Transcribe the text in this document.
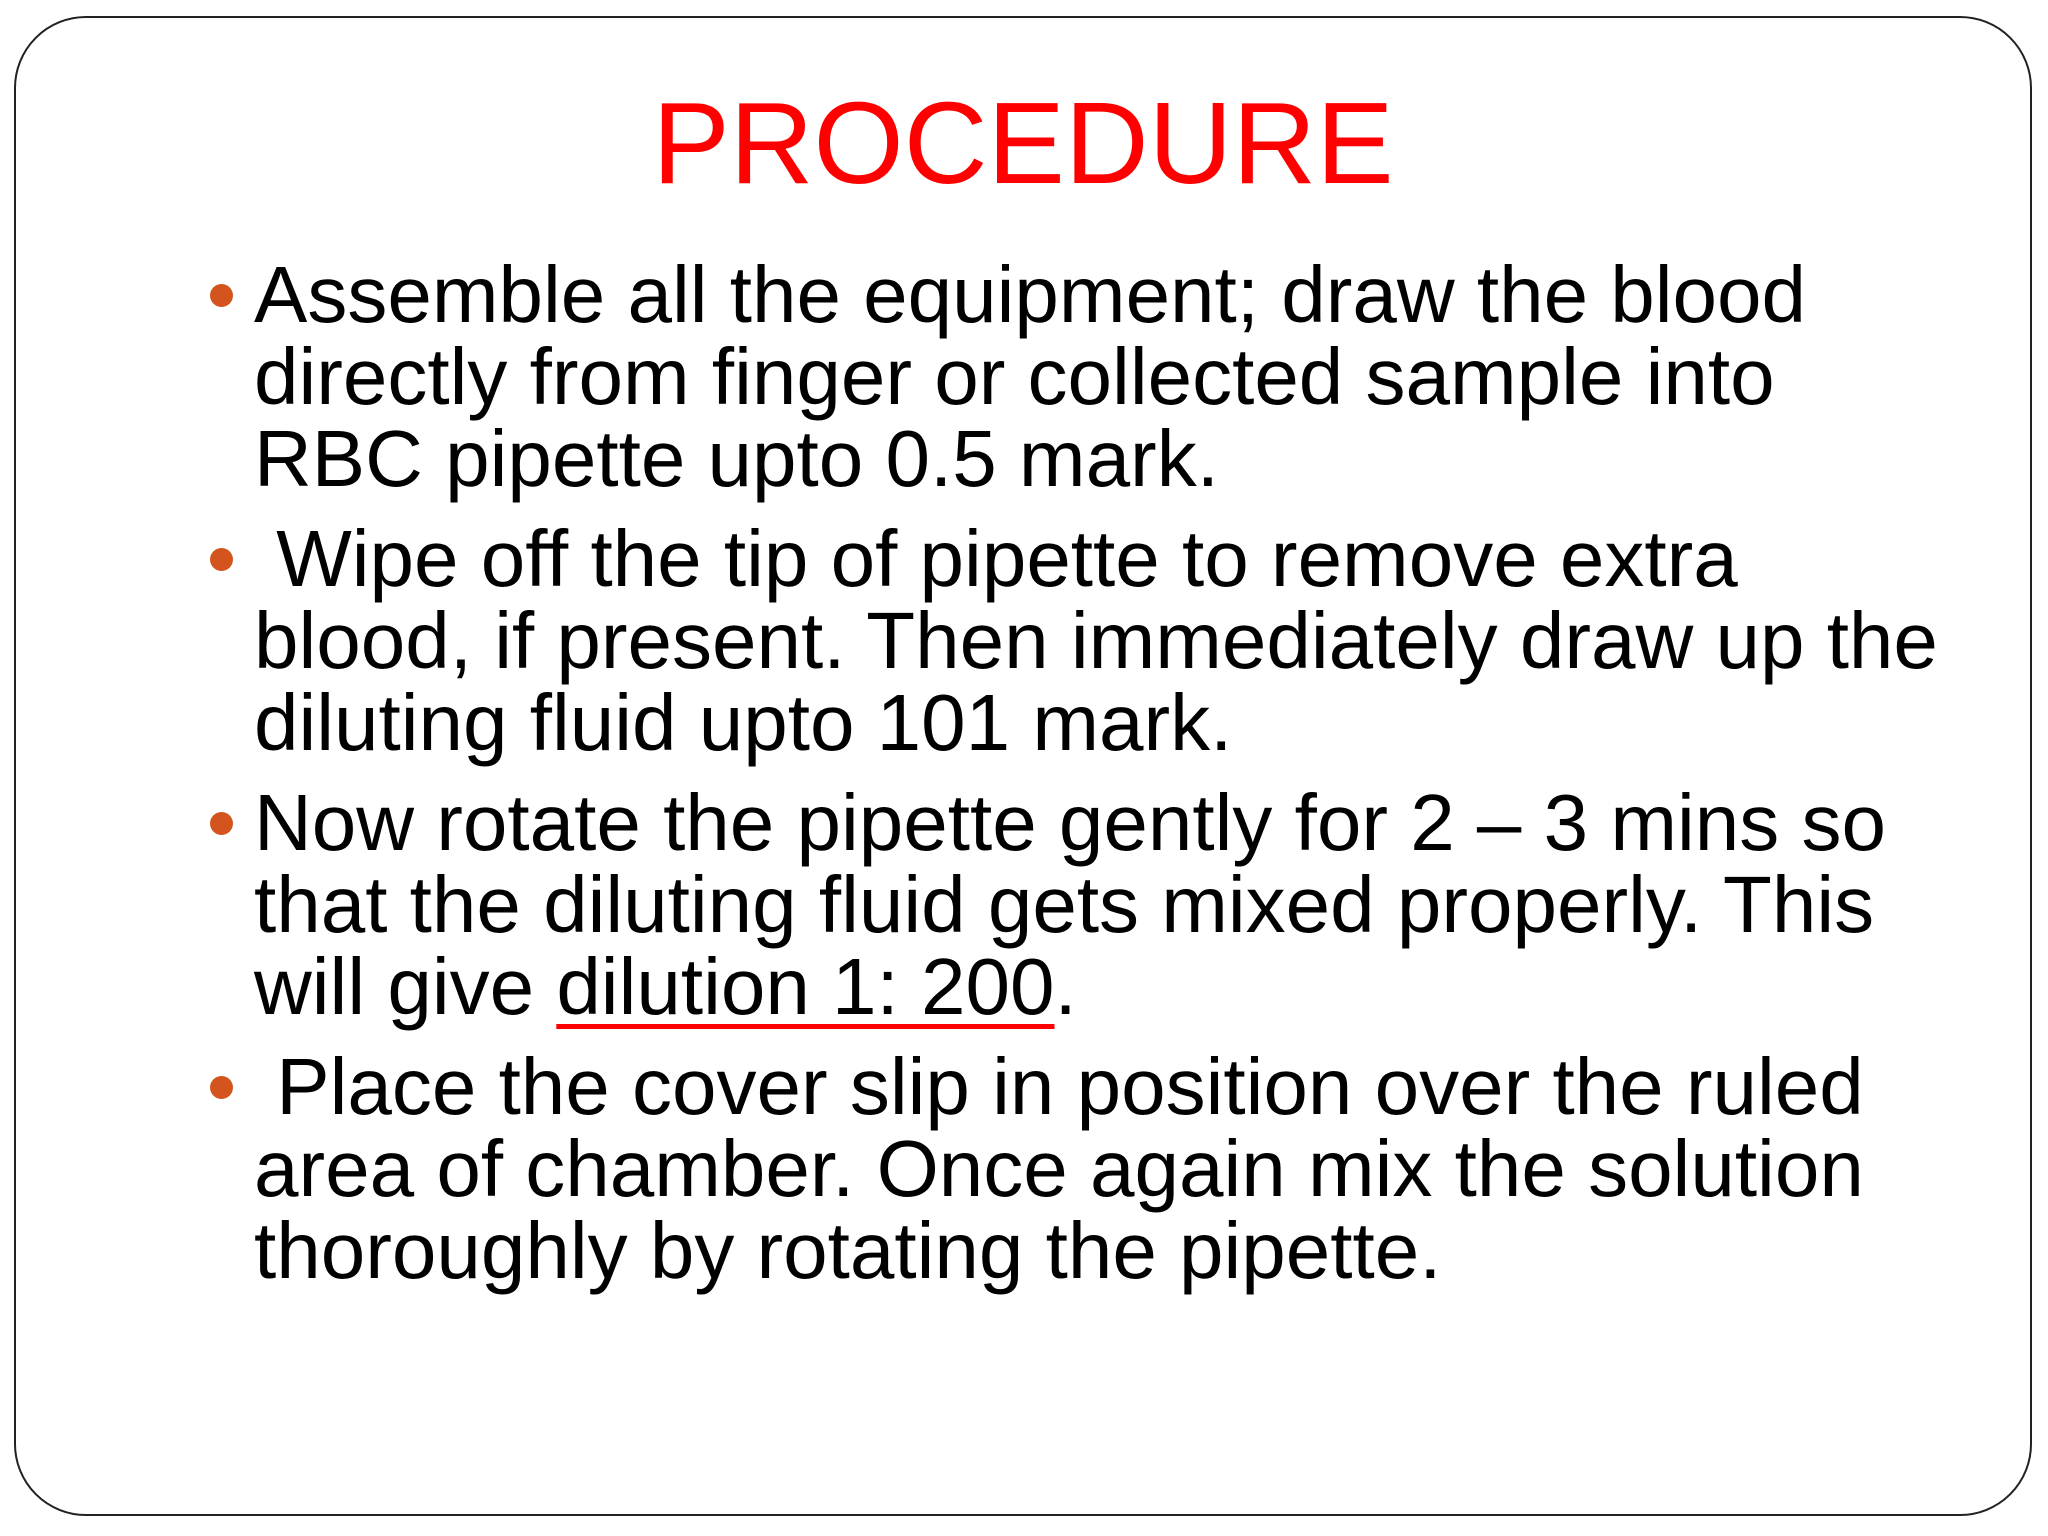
PROCEDURE
Assemble all the equipment; draw the blood directly from finger or collected sample into RBC pipette upto 0.5 mark.
Wipe off the tip of pipette to remove extra blood, if present. Then immediately draw up the diluting fluid upto 101 mark.
Now rotate the pipette gently for 2 – 3 mins so that the diluting fluid gets mixed properly. This will give dilution 1: 200.
Place the cover slip in position over the ruled area of chamber. Once again mix the solution thoroughly by rotating the pipette.
